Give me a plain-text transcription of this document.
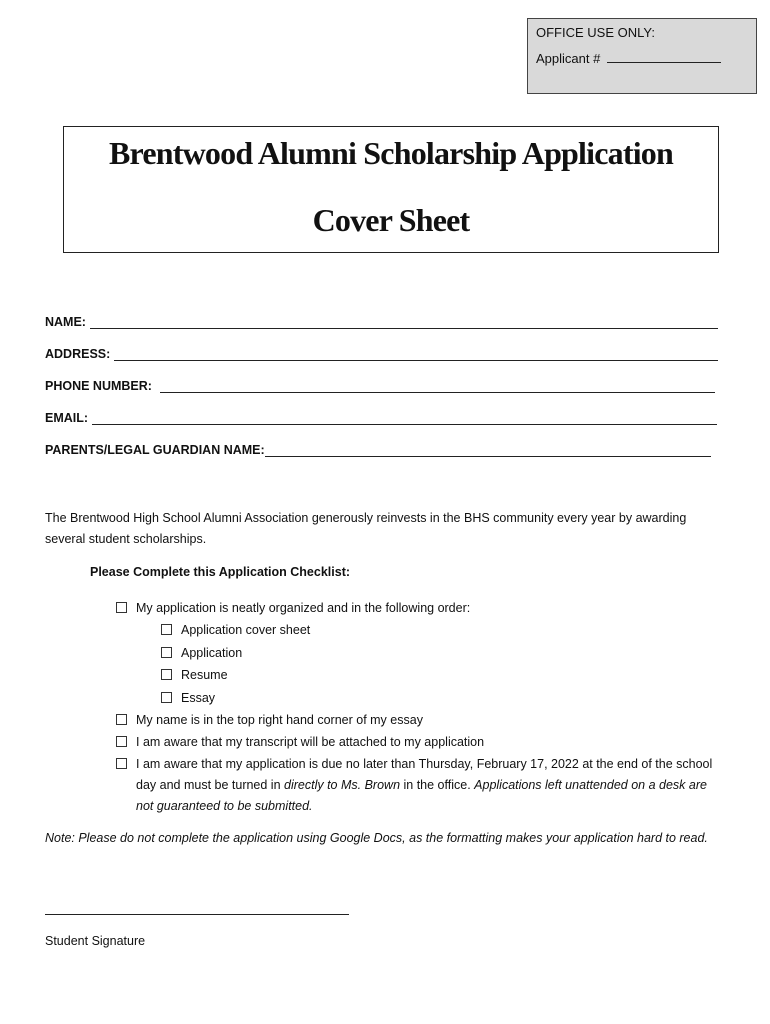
OFFICE USE ONLY:
Applicant #
Brentwood Alumni Scholarship Application
Cover Sheet
NAME:
ADDRESS:
PHONE NUMBER:
EMAIL:
PARENTS/LEGAL GUARDIAN NAME:
The Brentwood High School Alumni Association generously reinvests in the BHS community every year by awarding several student scholarships.
Please Complete this Application Checklist:
My application is neatly organized and in the following order:
Application cover sheet
Application
Resume
Essay
My name is in the top right hand corner of my essay
I am aware that my transcript will be attached to my application
I am aware that my application is due no later than Thursday, February 17, 2022 at the end of the school day and must be turned in directly to Ms. Brown in the office. Applications left unattended on a desk are not guaranteed to be submitted.
Note: Please do not complete the application using Google Docs, as the formatting makes your application hard to read.
Student Signature
